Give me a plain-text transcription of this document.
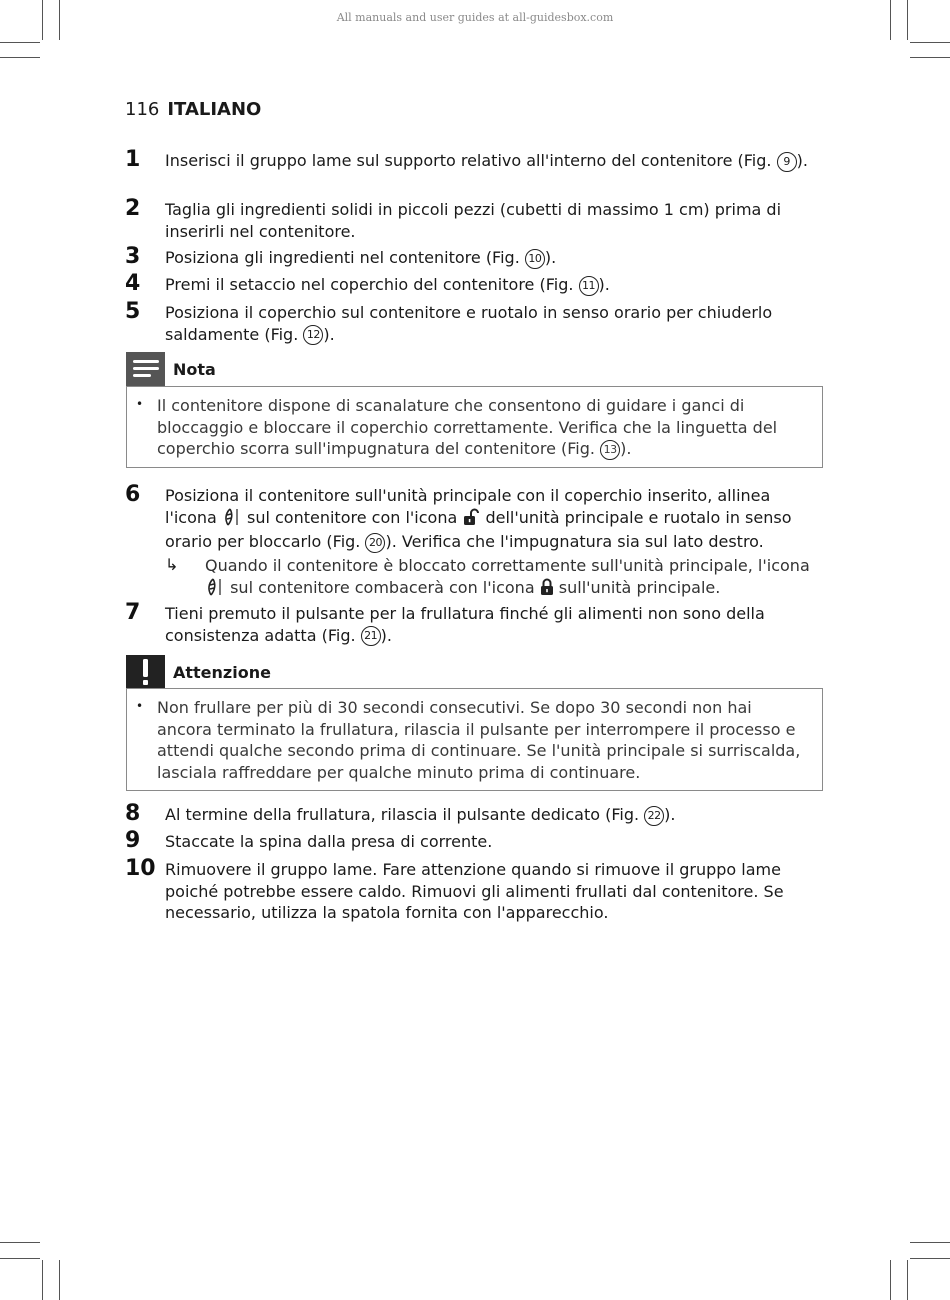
All manuals and user guides at all-guidesbox.com
116 ITALIANO
1 Inserisci il gruppo lame sul supporto relativo all'interno del contenitore (Fig. 9 ).
2 Taglia gli ingredienti solidi in piccoli pezzi (cubetti di massimo 1 cm) prima di inserirli nel contenitore.
3 Posiziona gli ingredienti nel contenitore (Fig. 10 ).
4 Premi il setaccio nel coperchio del contenitore (Fig. 11 ).
5 Posiziona il coperchio sul contenitore e ruotalo in senso orario per chiuderlo saldamente (Fig. 12 ).
Nota
• Il contenitore dispone di scanalature che consentono di guidare i ganci di bloccaggio e bloccare il coperchio correttamente. Verifica che la linguetta del coperchio scorra sull'impugnatura del contenitore (Fig. 13 ).
6 Posiziona il contenitore sull'unità principale con il coperchio inserito, allinea l'icona  sul contenitore con l'icona  dell'unità principale e ruotalo in senso orario per bloccarlo (Fig. 20 ). Verifica che l'impugnatura sia sul lato destro.
↳ Quando il contenitore è bloccato correttamente sull'unità principale, l'icona  sul contenitore combacerà con l'icona  sull'unità principale.
7 Tieni premuto il pulsante per la frullatura finché gli alimenti non sono della consistenza adatta (Fig. 21 ).
Attenzione
• Non frullare per più di 30 secondi consecutivi. Se dopo 30 secondi non hai ancora terminato la frullatura, rilascia il pulsante per interrompere il processo e attendi qualche secondo prima di continuare. Se l'unità principale si surriscalda, lasciala raffreddare per qualche minuto prima di continuare.
8 Al termine della frullatura, rilascia il pulsante dedicato (Fig. 22 ).
9 Staccate la spina dalla presa di corrente.
10 Rimuovere il gruppo lame. Fare attenzione quando si rimuove il gruppo lame poiché potrebbe essere caldo. Rimuovi gli alimenti frullati dal contenitore. Se necessario, utilizza la spatola fornita con l'apparecchio.
